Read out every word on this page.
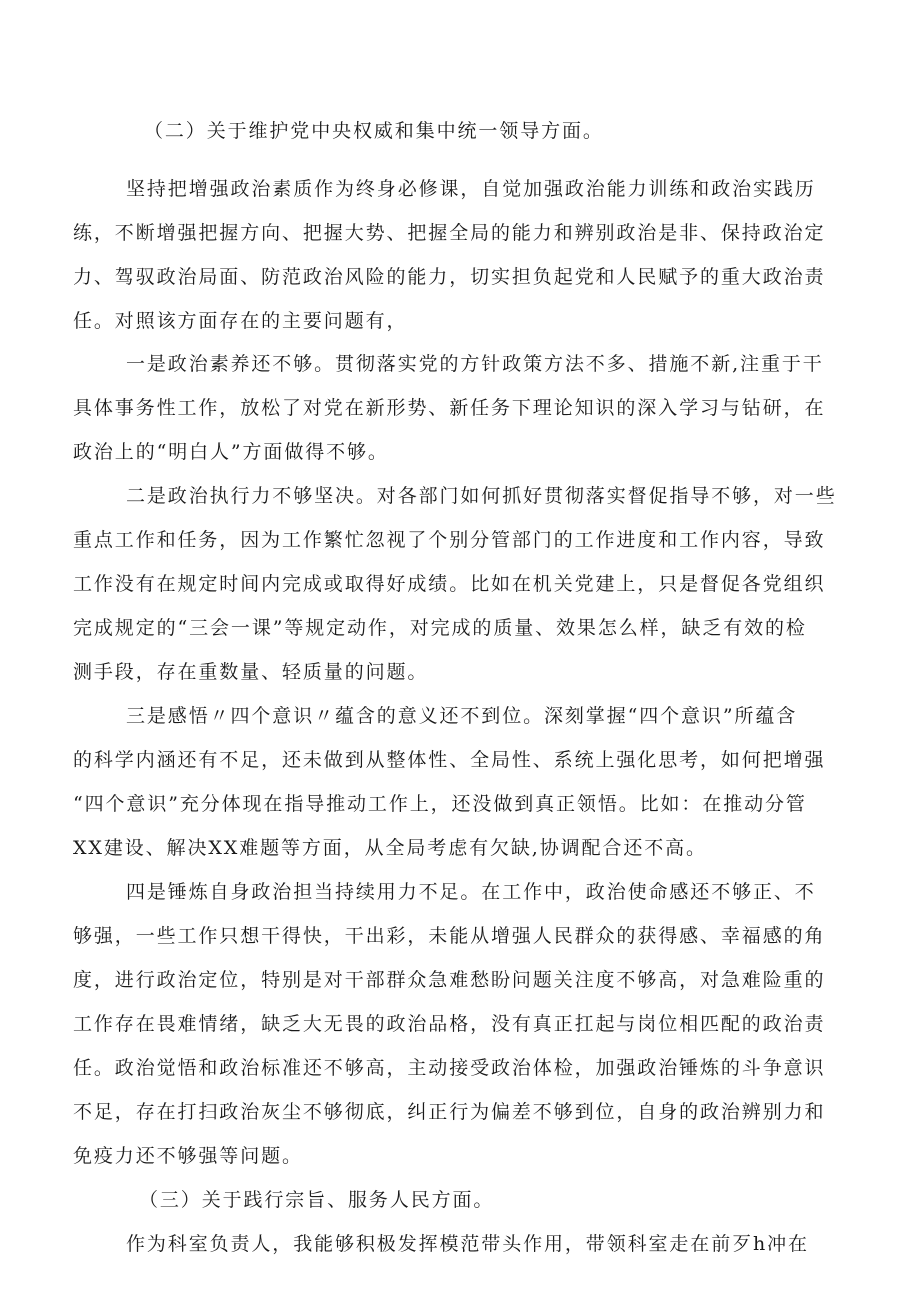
（二）关于维护党中央权威和集中统一领导方面。

坚持把增强政治素质作为终身必修课，自觉加强政治能力训练和政治实践历

练，不断增强把握方向、把握大势、把握全局的能力和辨别政治是非、保持政治定

力、驾驭政治局面、防范政治风险的能力，切实担负起党和人民赋予的重大政治责

任。对照该方面存在的主要问题有，

一是政治素养还不够。贯彻落实党的方针政策方法不多、措施不新,注重于干

具体事务性工作，放松了对党在新形势、新任务下理论知识的深入学习与钻研，在

政治上的“明白人”方面做得不够。

二是政治执行力不够坚决。对各部门如何抓好贯彻落实督促指导不够，对一些

重点工作和任务，因为工作繁忙忽视了个别分管部门的工作进度和工作内容，导致

工作没有在规定时间内完成或取得好成绩。比如在机关党建上，只是督促各党组织

完成规定的“三会一课”等规定动作，对完成的质量、效果怎么样，缺乏有效的检

测手段，存在重数量、轻质量的问题。

三是感悟〃四个意识〃蕴含的意义还不到位。深刻掌握“四个意识”所蕴含

的科学内涵还有不足，还未做到从整体性、全局性、系统上强化思考，如何把增强

“四个意识”充分体现在指导推动工作上，还没做到真正领悟。比如：在推动分管

XX建设、解决XX难题等方面，从全局考虑有欠缺,协调配合还不高。

四是锤炼自身政治担当持续用力不足。在工作中，政治使命感还不够正、不

够强，一些工作只想干得快，干出彩，未能从增强人民群众的获得感、幸福感的角

度，进行政治定位，特别是对干部群众急难愁盼问题关注度不够高，对急难险重的

工作存在畏难情绪，缺乏大无畏的政治品格，没有真正扛起与岗位相匹配的政治责

任。政治觉悟和政治标准还不够高，主动接受政治体检，加强政治锤炼的斗争意识

不足，存在打扫政治灰尘不够彻底，纠正行为偏差不够到位，自身的政治辨别力和

免疫力还不够强等问题。

（三）关于践行宗旨、服务人民方面。

作为科室负责人，我能够积极发挥模范带头作用，带领科室走在前歹h冲在
